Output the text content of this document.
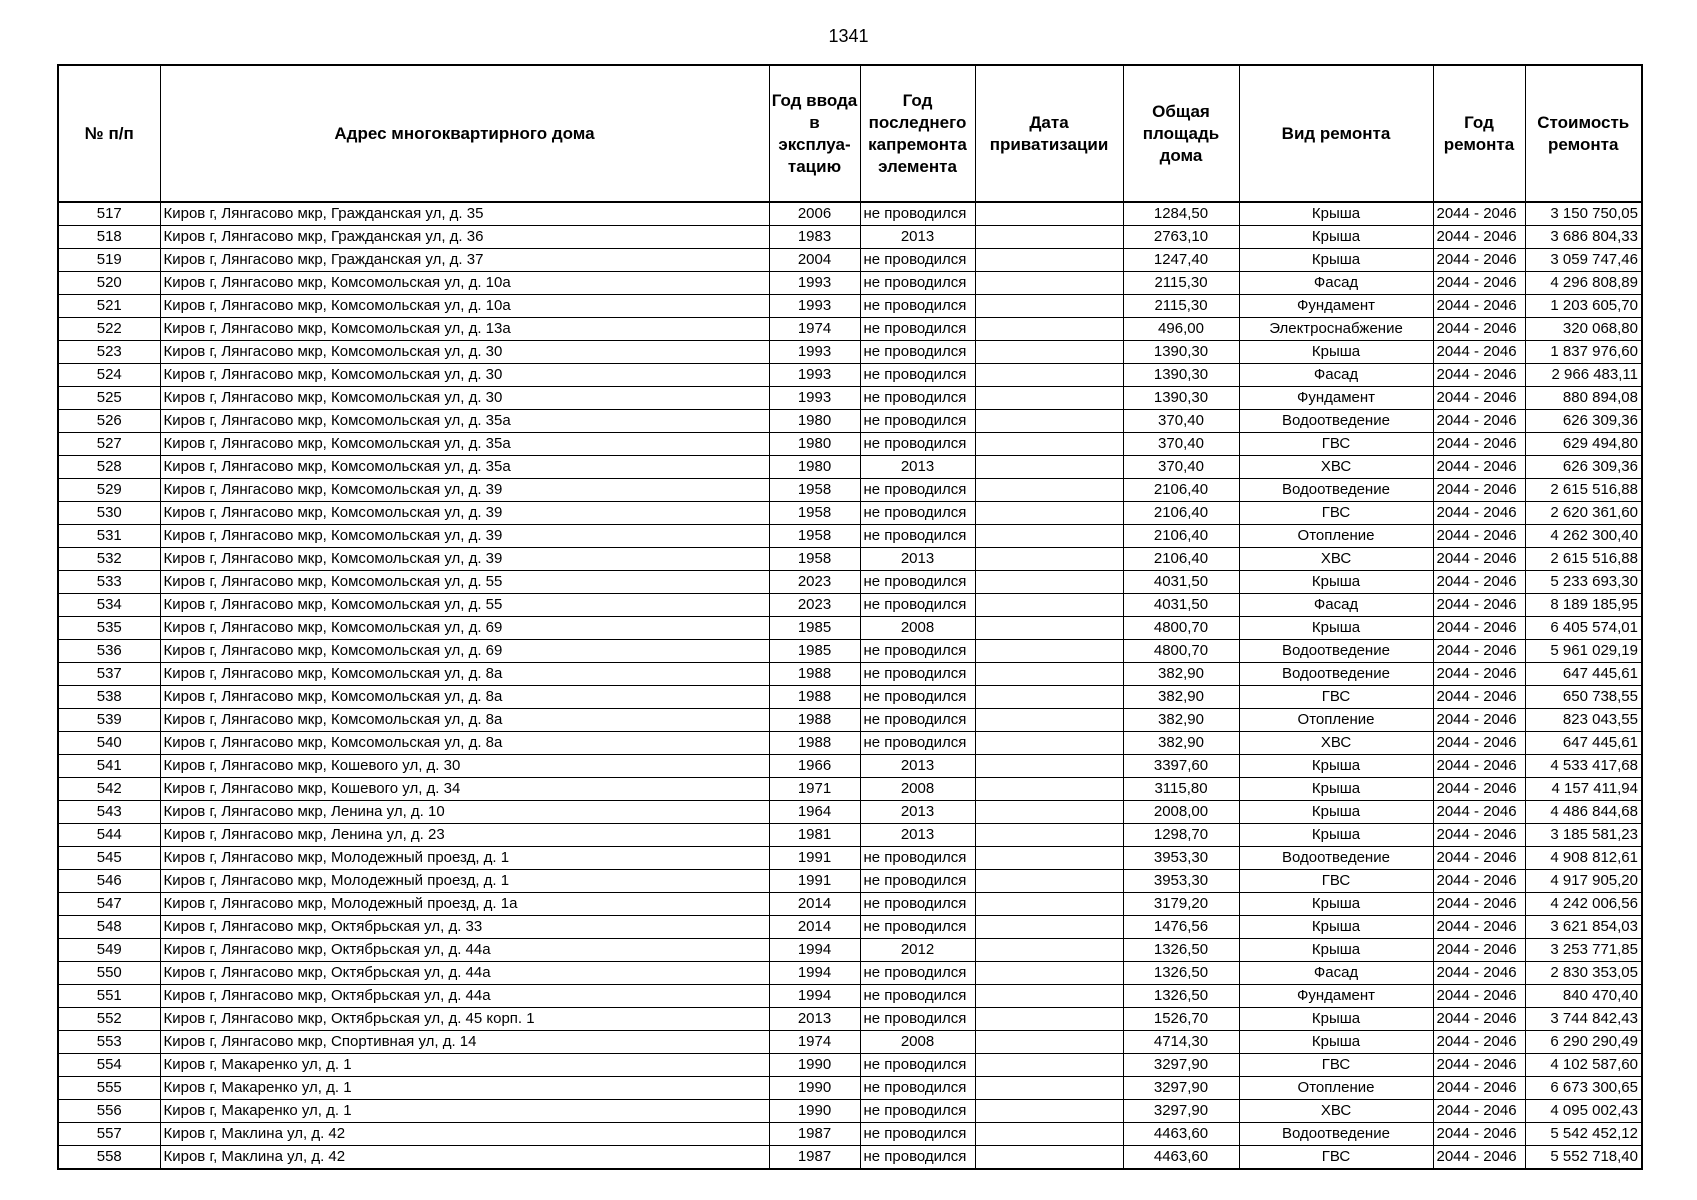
1341
№ п/п	Адрес многоквартирного дома	Год ввода в эксплуа-тацию	Год последнего капремонта элемента	Дата приватизации	Общая площадь дома	Вид ремонта	Год ремонта	Стоимость ремонта
517	Киров г, Лянгасово мкр, Гражданская ул, д. 35	2006	не проводился		1284,50	Крыша	2044 - 2046	3 150 750,05
518	Киров г, Лянгасово мкр, Гражданская ул, д. 36	1983	2013		2763,10	Крыша	2044 - 2046	3 686 804,33
519	Киров г, Лянгасово мкр, Гражданская ул, д. 37	2004	не проводился		1247,40	Крыша	2044 - 2046	3 059 747,46
520	Киров г, Лянгасово мкр, Комсомольская ул, д. 10а	1993	не проводился		2115,30	Фасад	2044 - 2046	4 296 808,89
521	Киров г, Лянгасово мкр, Комсомольская ул, д. 10а	1993	не проводился		2115,30	Фундамент	2044 - 2046	1 203 605,70
522	Киров г, Лянгасово мкр, Комсомольская ул, д. 13а	1974	не проводился		496,00	Электроснабжение	2044 - 2046	320 068,80
523	Киров г, Лянгасово мкр, Комсомольская ул, д. 30	1993	не проводился		1390,30	Крыша	2044 - 2046	1 837 976,60
524	Киров г, Лянгасово мкр, Комсомольская ул, д. 30	1993	не проводился		1390,30	Фасад	2044 - 2046	2 966 483,11
525	Киров г, Лянгасово мкр, Комсомольская ул, д. 30	1993	не проводился		1390,30	Фундамент	2044 - 2046	880 894,08
526	Киров г, Лянгасово мкр, Комсомольская ул, д. 35а	1980	не проводился		370,40	Водоотведение	2044 - 2046	626 309,36
527	Киров г, Лянгасово мкр, Комсомольская ул, д. 35а	1980	не проводился		370,40	ГВС	2044 - 2046	629 494,80
528	Киров г, Лянгасово мкр, Комсомольская ул, д. 35а	1980	2013		370,40	ХВС	2044 - 2046	626 309,36
529	Киров г, Лянгасово мкр, Комсомольская ул, д. 39	1958	не проводился		2106,40	Водоотведение	2044 - 2046	2 615 516,88
530	Киров г, Лянгасово мкр, Комсомольская ул, д. 39	1958	не проводился		2106,40	ГВС	2044 - 2046	2 620 361,60
531	Киров г, Лянгасово мкр, Комсомольская ул, д. 39	1958	не проводился		2106,40	Отопление	2044 - 2046	4 262 300,40
532	Киров г, Лянгасово мкр, Комсомольская ул, д. 39	1958	2013		2106,40	ХВС	2044 - 2046	2 615 516,88
533	Киров г, Лянгасово мкр, Комсомольская ул, д. 55	2023	не проводился		4031,50	Крыша	2044 - 2046	5 233 693,30
534	Киров г, Лянгасово мкр, Комсомольская ул, д. 55	2023	не проводился		4031,50	Фасад	2044 - 2046	8 189 185,95
535	Киров г, Лянгасово мкр, Комсомольская ул, д. 69	1985	2008		4800,70	Крыша	2044 - 2046	6 405 574,01
536	Киров г, Лянгасово мкр, Комсомольская ул, д. 69	1985	не проводился		4800,70	Водоотведение	2044 - 2046	5 961 029,19
537	Киров г, Лянгасово мкр, Комсомольская ул, д. 8а	1988	не проводился		382,90	Водоотведение	2044 - 2046	647 445,61
538	Киров г, Лянгасово мкр, Комсомольская ул, д. 8а	1988	не проводился		382,90	ГВС	2044 - 2046	650 738,55
539	Киров г, Лянгасово мкр, Комсомольская ул, д. 8а	1988	не проводился		382,90	Отопление	2044 - 2046	823 043,55
540	Киров г, Лянгасово мкр, Комсомольская ул, д. 8а	1988	не проводился		382,90	ХВС	2044 - 2046	647 445,61
541	Киров г, Лянгасово мкр, Кошевого ул, д. 30	1966	2013		3397,60	Крыша	2044 - 2046	4 533 417,68
542	Киров г, Лянгасово мкр, Кошевого ул, д. 34	1971	2008		3115,80	Крыша	2044 - 2046	4 157 411,94
543	Киров г, Лянгасово мкр, Ленина ул, д. 10	1964	2013		2008,00	Крыша	2044 - 2046	4 486 844,68
544	Киров г, Лянгасово мкр, Ленина ул, д. 23	1981	2013		1298,70	Крыша	2044 - 2046	3 185 581,23
545	Киров г, Лянгасово мкр, Молодежный проезд, д. 1	1991	не проводился		3953,30	Водоотведение	2044 - 2046	4 908 812,61
546	Киров г, Лянгасово мкр, Молодежный проезд, д. 1	1991	не проводился		3953,30	ГВС	2044 - 2046	4 917 905,20
547	Киров г, Лянгасово мкр, Молодежный проезд, д. 1а	2014	не проводился		3179,20	Крыша	2044 - 2046	4 242 006,56
548	Киров г, Лянгасово мкр, Октябрьская ул, д. 33	2014	не проводился		1476,56	Крыша	2044 - 2046	3 621 854,03
549	Киров г, Лянгасово мкр, Октябрьская ул, д. 44а	1994	2012		1326,50	Крыша	2044 - 2046	3 253 771,85
550	Киров г, Лянгасово мкр, Октябрьская ул, д. 44а	1994	не проводился		1326,50	Фасад	2044 - 2046	2 830 353,05
551	Киров г, Лянгасово мкр, Октябрьская ул, д. 44а	1994	не проводился		1326,50	Фундамент	2044 - 2046	840 470,40
552	Киров г, Лянгасово мкр, Октябрьская ул, д. 45 корп. 1	2013	не проводился		1526,70	Крыша	2044 - 2046	3 744 842,43
553	Киров г, Лянгасово мкр, Спортивная ул, д. 14	1974	2008		4714,30	Крыша	2044 - 2046	6 290 290,49
554	Киров г, Макаренко ул, д. 1	1990	не проводился		3297,90	ГВС	2044 - 2046	4 102 587,60
555	Киров г, Макаренко ул, д. 1	1990	не проводился		3297,90	Отопление	2044 - 2046	6 673 300,65
556	Киров г, Макаренко ул, д. 1	1990	не проводился		3297,90	ХВС	2044 - 2046	4 095 002,43
557	Киров г, Маклина ул, д. 42	1987	не проводился		4463,60	Водоотведение	2044 - 2046	5 542 452,12
558	Киров г, Маклина ул, д. 42	1987	не проводился		4463,60	ГВС	2044 - 2046	5 552 718,40
